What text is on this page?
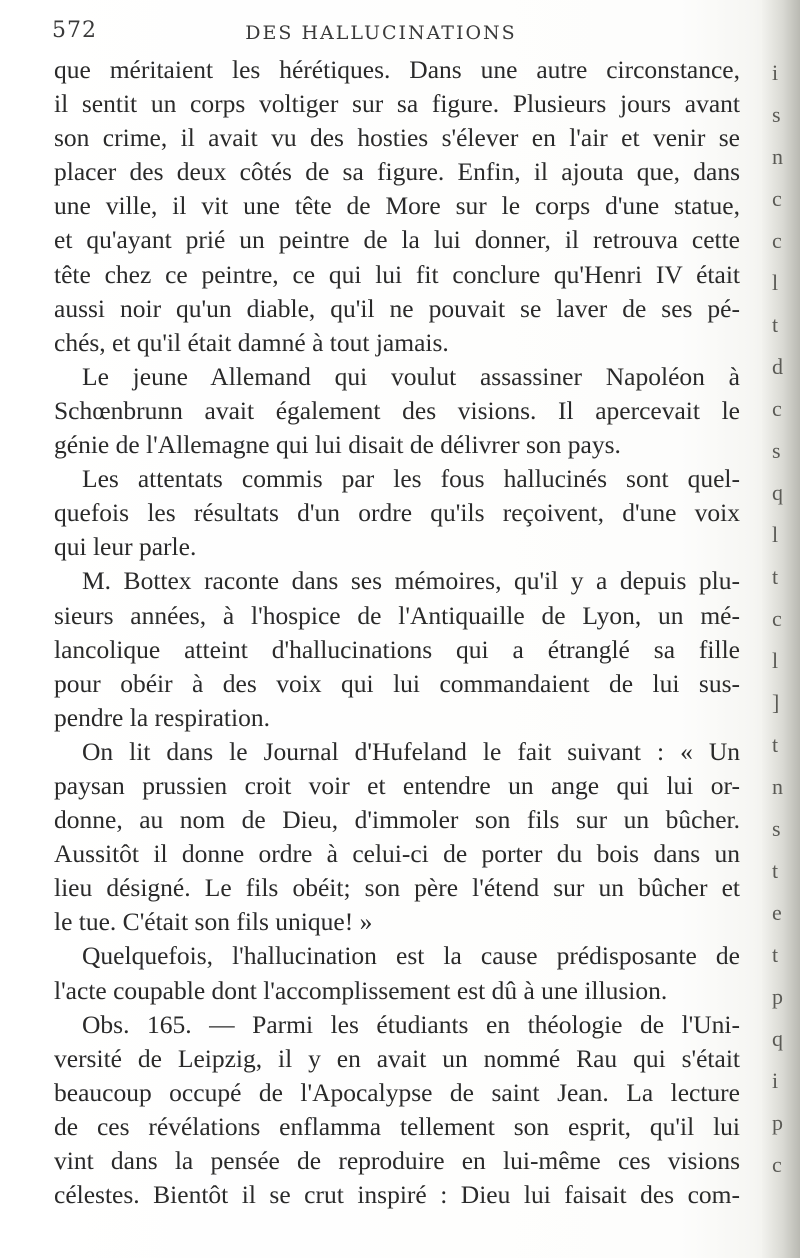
572	DES HALLUCINATIONS
que méritaient les hérétiques. Dans une autre circonstance,
il sentit un corps voltiger sur sa figure. Plusieurs jours avant
son crime, il avait vu des hosties s'élever en l'air et venir se
placer des deux côtés de sa figure. Enfin, il ajouta que, dans
une ville, il vit une tête de More sur le corps d'une statue,
et qu'ayant prié un peintre de la lui donner, il retrouva cette
tête chez ce peintre, ce qui lui fit conclure qu'Henri IV était
aussi noir qu'un diable, qu'il ne pouvait se laver de ses pé-
chés, et qu'il était damné à tout jamais.
Le jeune Allemand qui voulut assassiner Napoléon à
Schœnbrunn avait également des visions. Il apercevait le
génie de l'Allemagne qui lui disait de délivrer son pays.
Les attentats commis par les fous hallucinés sont quel-
quefois les résultats d'un ordre qu'ils reçoivent, d'une voix
qui leur parle.
M. Bottex raconte dans ses mémoires, qu'il y a depuis plu-
sieurs années, à l'hospice de l'Antiquaille de Lyon, un mé-
lancolique atteint d'hallucinations qui a étranglé sa fille
pour obéir à des voix qui lui commandaient de lui sus-
pendre la respiration.
On lit dans le Journal d'Hufeland le fait suivant : « Un
paysan prussien croit voir et entendre un ange qui lui or-
donne, au nom de Dieu, d'immoler son fils sur un bûcher.
Aussitôt il donne ordre à celui-ci de porter du bois dans un
lieu désigné. Le fils obéit; son père l'étend sur un bûcher et
le tue. C'était son fils unique! »
Quelquefois, l'hallucination est la cause prédisposante de
l'acte coupable dont l'accomplissement est dû à une illusion.
Obs. 165. — Parmi les étudiants en théologie de l'Uni-
versité de Leipzig, il y en avait un nommé Rau qui s'était
beaucoup occupé de l'Apocalypse de saint Jean. La lecture
de ces révélations enflamma tellement son esprit, qu'il lui
vint dans la pensée de reproduire en lui-même ces visions
célestes. Bientôt il se crut inspiré : Dieu lui faisait des com-
i
s
n
c
c
l
t
d
c
s
q
l
t
c
l
]
t
n
s
t
e
t
p
q
i
p
c
